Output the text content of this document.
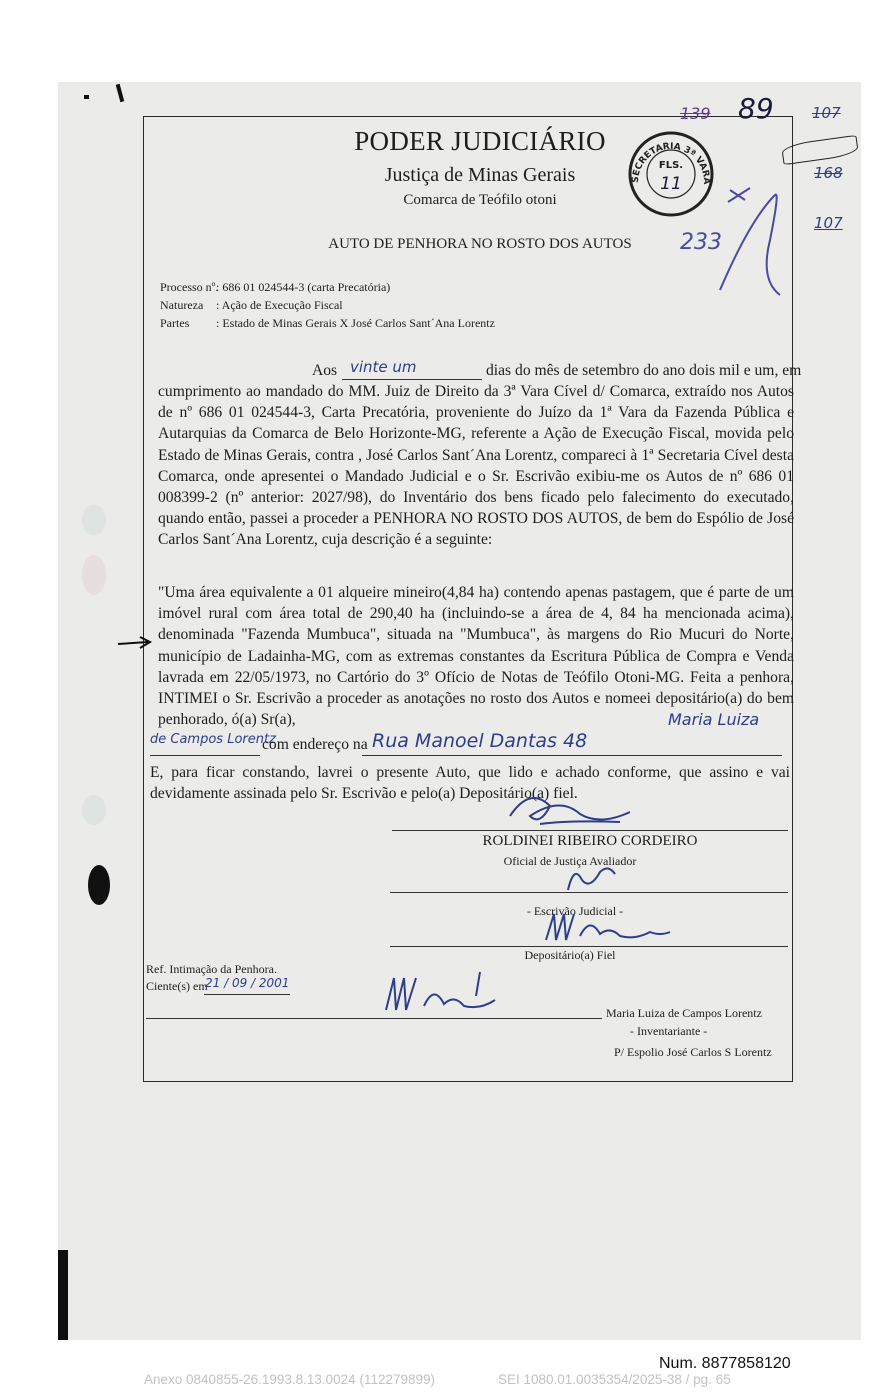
PODER JUDICIÁRIO
Justiça de Minas Gerais
Comarca de Teófilo otoni
AUTO DE PENHORA NO ROSTO DOS AUTOS
SECRETARIA 3ª VARA
FLS.
11
139 89	107
168
107
233
Processo nº.
: 686 01 024544-3 (carta Precatória)
Natureza : Ação de Execução Fiscal
Partes : Estado de Minas Gerais X José Carlos Sant´Ana Lorentz
Aos vinte um	dias do mês de setembro do ano dois mil e um, em
cumprimento ao mandado do MM. Juiz de Direito da 3ª Vara Cível d/ Comarca, extraído nos Autos de nº 686 01 024544-3, Carta Precatória, proveniente do Juízo da 1ª Vara da Fazenda Pública e Autarquias da Comarca de Belo Horizonte-MG, referente a Ação de Execução Fiscal, movida pelo Estado de Minas Gerais, contra , José Carlos Sant´Ana Lorentz, compareci à 1ª Secretaria Cível desta Comarca, onde apresentei o Mandado Judicial e o Sr. Escrivão exibiu-me os Autos de nº 686 01 008399-2 (nº anterior: 2027/98), do Inventário dos bens ficado pelo falecimento do executado, quando então, passei a proceder a PENHORA NO ROSTO DOS AUTOS, de bem do Espólio de José Carlos Sant´Ana Lorentz, cuja descrição é a seguinte:
"Uma área equivalente a 01 alqueire mineiro(4,84 ha) contendo apenas pastagem, que é parte de um imóvel rural com área total de 290,40 ha (incluindo-se a área de 4, 84 ha mencionada acima), denominada "Fazenda Mumbuca", situada na "Mumbuca", às margens do Rio Mucuri do Norte, município de Ladainha-MG, com as extremas constantes da Escritura Pública de Compra e Venda lavrada em 22/05/1973, no Cartório do 3º Ofício de Notas de Teófilo Otoni-MG. Feita a penhora, INTIMEI o Sr. Escrivão a proceder as anotações no rosto dos Autos e nomeei depositário(a) do bem penhorado, ó(a) Sr(a),	Maria Luiza
de Campos Lorentz
com endereço na Rua Manoel Dantas 48
E, para ficar constando, lavrei o presente Auto, que lido e achado conforme, que assino e vai devidamente assinada pelo Sr. Escrivão e pelo(a) Depositário(a) fiel.
ROLDINEI RIBEIRO CORDEIRO
Oficial de Justiça Avaliador
- Escrivão Judicial -
Depositário(a) Fiel
Ref. Intimação da Penhora.
Ciente(s) em
21 / 09 / 2001
Maria Luiza de Campos Lorentz
- Inventariante -
P/ Espolio José Carlos S Lorentz
Num. 8877858120
Anexo 0840855-26.1993.8.13.0024 (112279899)	SEI 1080.01.0035354/2025-38 / pg. 65
